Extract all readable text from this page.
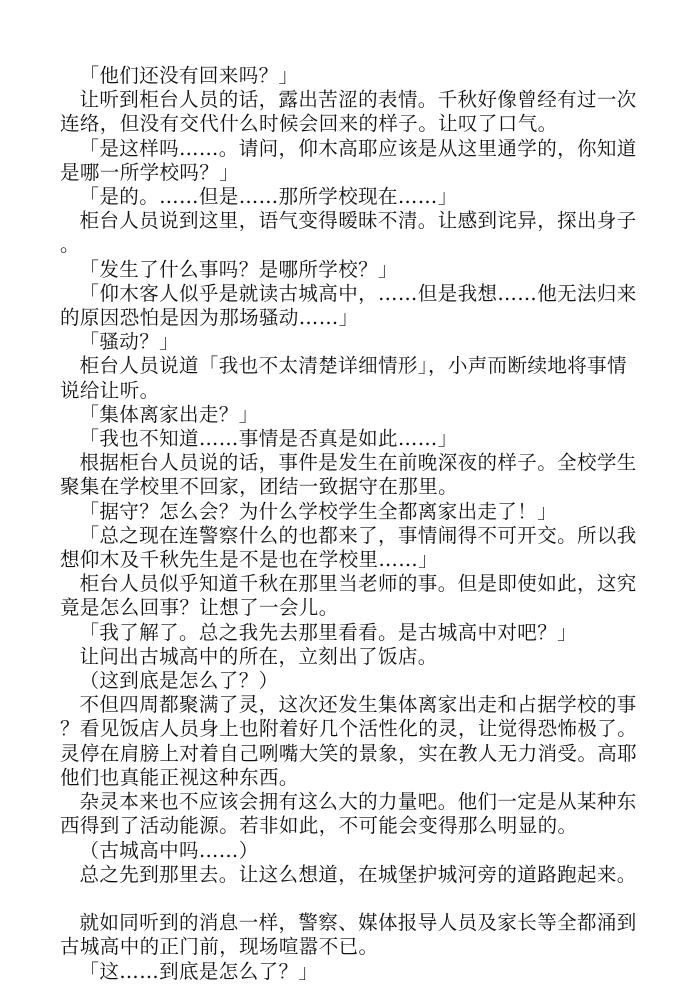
「他们还没有回来吗？」

让听到柜台人员的话，露出苦涩的表情。千秋好像曾经有过一次连络，但没有交代什么时候会回来的样子。让叹了口气。

「是这样吗……。请问，仰木高耶应该是从这里通学的，你知道是哪一所学校吗？」

「是的。……但是……那所学校现在……」

柜台人员说到这里，语气变得暧昧不清。让感到诧异，探出身子。

「发生了什么事吗？是哪所学校？」

「仰木客人似乎是就读古城高中，……但是我想……他无法归来的原因恐怕是因为那场骚动……」

「骚动？」

柜台人员说道「我也不太清楚详细情形」，小声而断续地将事情说给让听。

「集体离家出走？」

「我也不知道……事情是否真是如此……」

根据柜台人员说的话，事件是发生在前晚深夜的样子。全校学生聚集在学校里不回家，团结一致据守在那里。

「据守？怎么会？为什么学校学生全都离家出走了！」

「总之现在连警察什么的也都来了，事情闹得不可开交。所以我想仰木及千秋先生是不是也在学校里……」

柜台人员似乎知道千秋在那里当老师的事。但是即使如此，这究竟是怎么回事？让想了一会儿。

「我了解了。总之我先去那里看看。是古城高中对吧？」

让问出古城高中的所在，立刻出了饭店。

（这到底是怎么了？）

不但四周都聚满了灵，这次还发生集体离家出走和占据学校的事？看见饭店人员身上也附着好几个活性化的灵，让觉得恐怖极了。灵停在肩膀上对着自己咧嘴大笑的景象，实在教人无力消受。高耶他们也真能正视这种东西。

杂灵本来也不应该会拥有这么大的力量吧。他们一定是从某种东西得到了活动能源。若非如此，不可能会变得那么明显的。

（古城高中吗……）

总之先到那里去。让这么想道，在城堡护城河旁的道路跑起来。

就如同听到的消息一样，警察、媒体报导人员及家长等全都涌到古城高中的正门前，现场喧嚣不已。

「这……到底是怎么了？」
